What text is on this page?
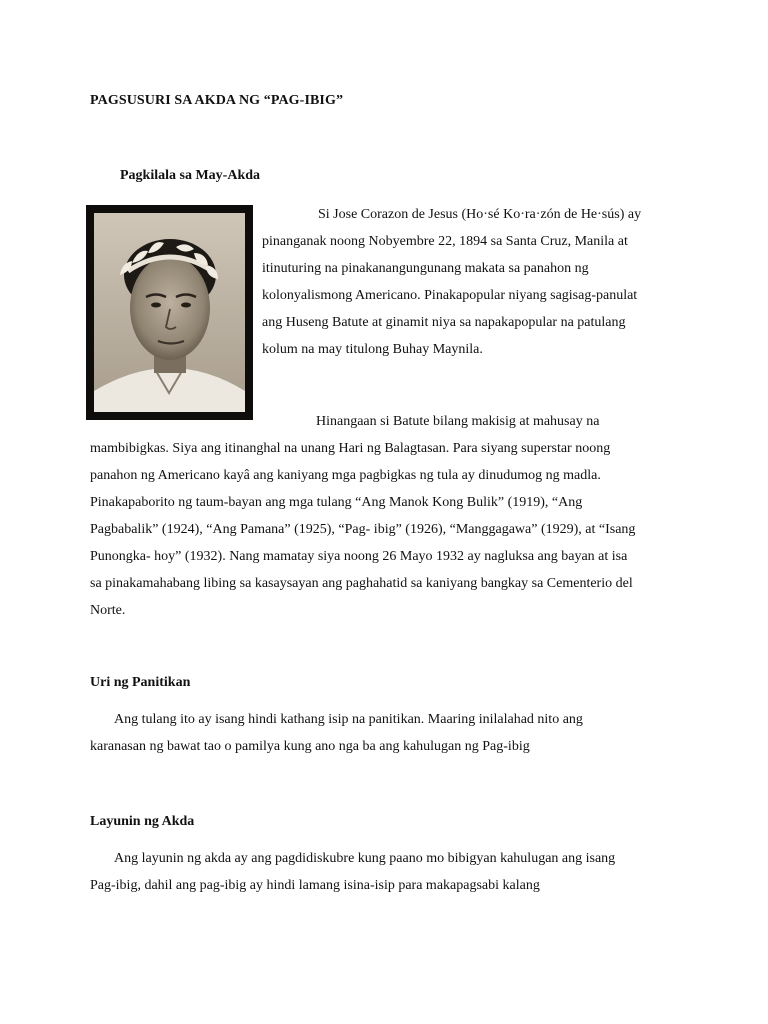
PAGSUSURI SA AKDA NG “PAG-IBIG”
Pagkilala sa May-Akda
Si Jose Corazon de Jesus (Ho·sé Ko·ra·zón de He·sús) ay
pinanganak noong Nobyembre 22, 1894 sa Santa Cruz, Manila at
itinuturing na pinakanangungunang makata sa panahon ng
kolonyalismong Americano. Pinakapopular niyang sagisag-panulat
ang Huseng Batute at ginamit niya sa napakapopular na patulang
kolum na may titulong Buhay Maynila.
Hinangaan si Batute bilang makisig at mahusay na
mambibigkas. Siya ang itinanghal na unang Hari ng Balagtasan. Para siyang superstar noong
panahon ng Americano kayâ ang kaniyang mga pagbigkas ng tula ay dinudumog ng madla.
Pinakapaborito ng taum-bayan ang mga tulang “Ang Manok Kong Bulik” (1919), “Ang
Pagbabalik” (1924), “Ang Pamana” (1925), “Pag- ibig” (1926), “Manggagawa” (1929), at “Isang
Punongka- hoy” (1932). Nang mamatay siya noong 26 Mayo 1932 ay nagluksa ang bayan at isa
sa pinakamahabang libing sa kasaysayan ang paghahatid sa kaniyang bangkay sa Cementerio del
Norte.
Uri ng Panitikan
Ang tulang ito ay isang hindi kathang isip na panitikan. Maaring inilalahad nito ang
karanasan ng bawat tao o pamilya kung ano nga ba ang kahulugan ng Pag-ibig
Layunin ng Akda
Ang layunin ng akda ay ang pagdidiskubre kung paano mo bibigyan kahulugan ang isang
Pag-ibig, dahil ang pag-ibig ay hindi lamang isina-isip para makapagsabi kalang
